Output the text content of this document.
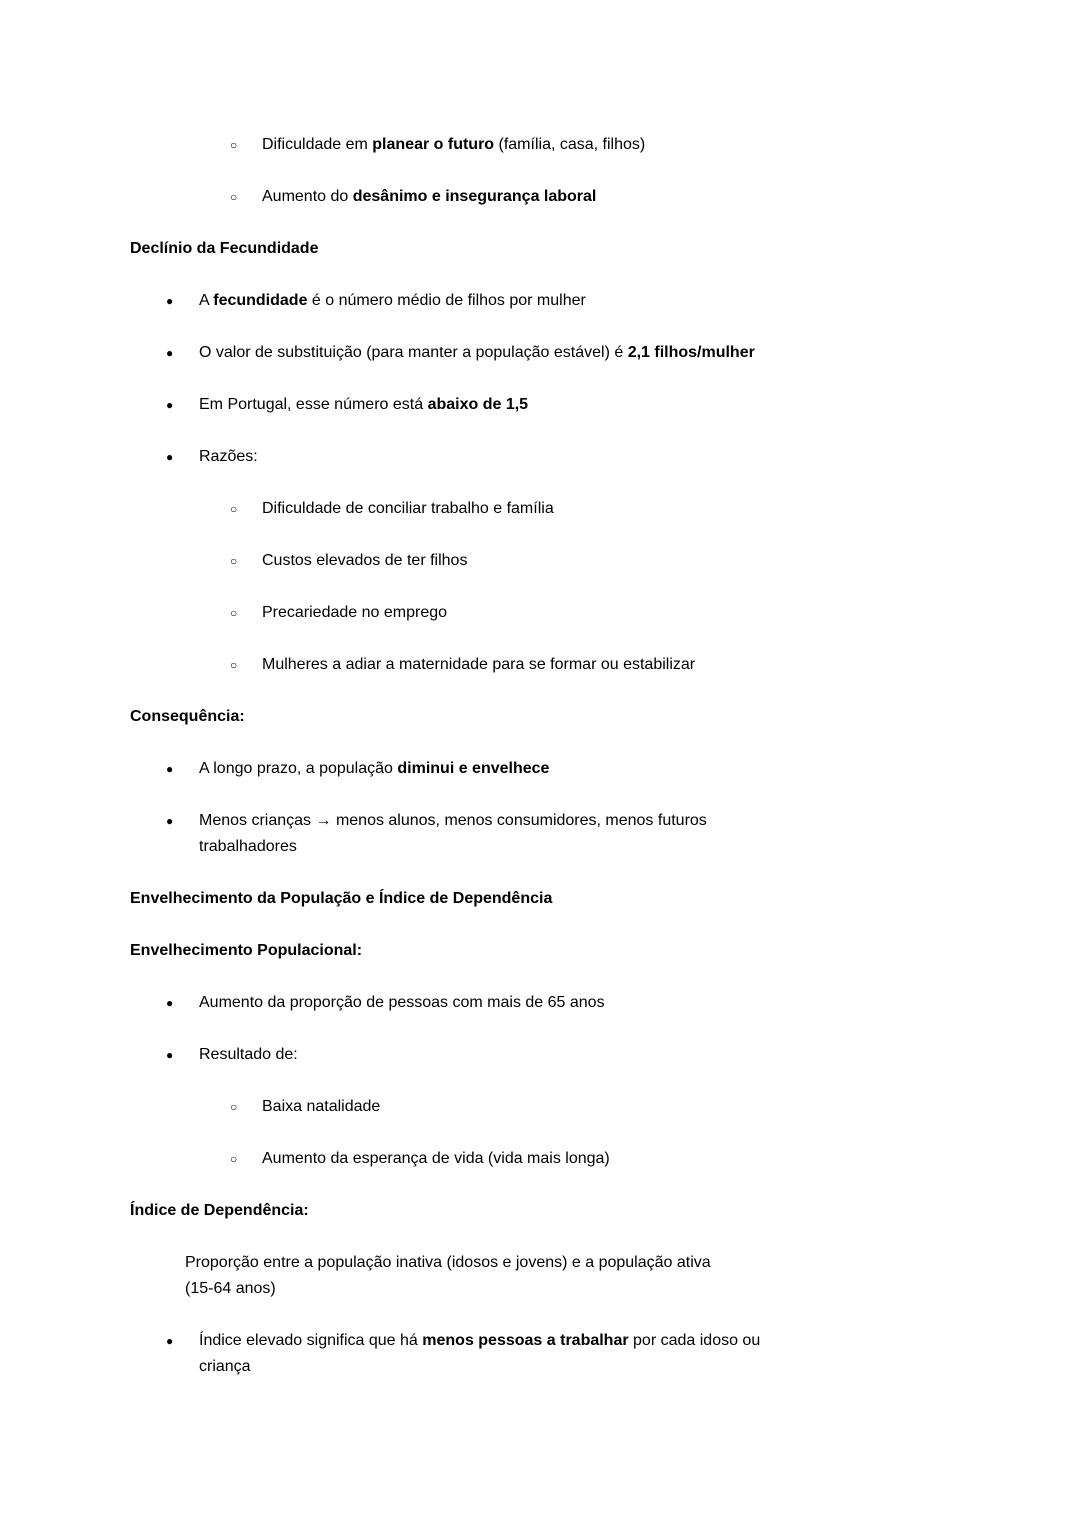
○	Dificuldade em planear o futuro (família, casa, filhos)
○	Aumento do desânimo e insegurança laboral
Declínio da Fecundidade
●	A fecundidade é o número médio de filhos por mulher
●	O valor de substituição (para manter a população estável) é 2,1 filhos/mulher
●	Em Portugal, esse número está abaixo de 1,5
●	Razões:
○	Dificuldade de conciliar trabalho e família
○	Custos elevados de ter filhos
○	Precariedade no emprego
○	Mulheres a adiar a maternidade para se formar ou estabilizar
Consequência:
●	A longo prazo, a população diminui e envelhece
●	Menos crianças → menos alunos, menos consumidores, menos futuros
trabalhadores
Envelhecimento da População e Índice de Dependência
Envelhecimento Populacional:
●	Aumento da proporção de pessoas com mais de 65 anos
●	Resultado de:
○	Baixa natalidade
○	Aumento da esperança de vida (vida mais longa)
Índice de Dependência:
Proporção entre a população inativa (idosos e jovens) e a população ativa
(15-64 anos)
●	Índice elevado significa que há menos pessoas a trabalhar por cada idoso ou
criança
